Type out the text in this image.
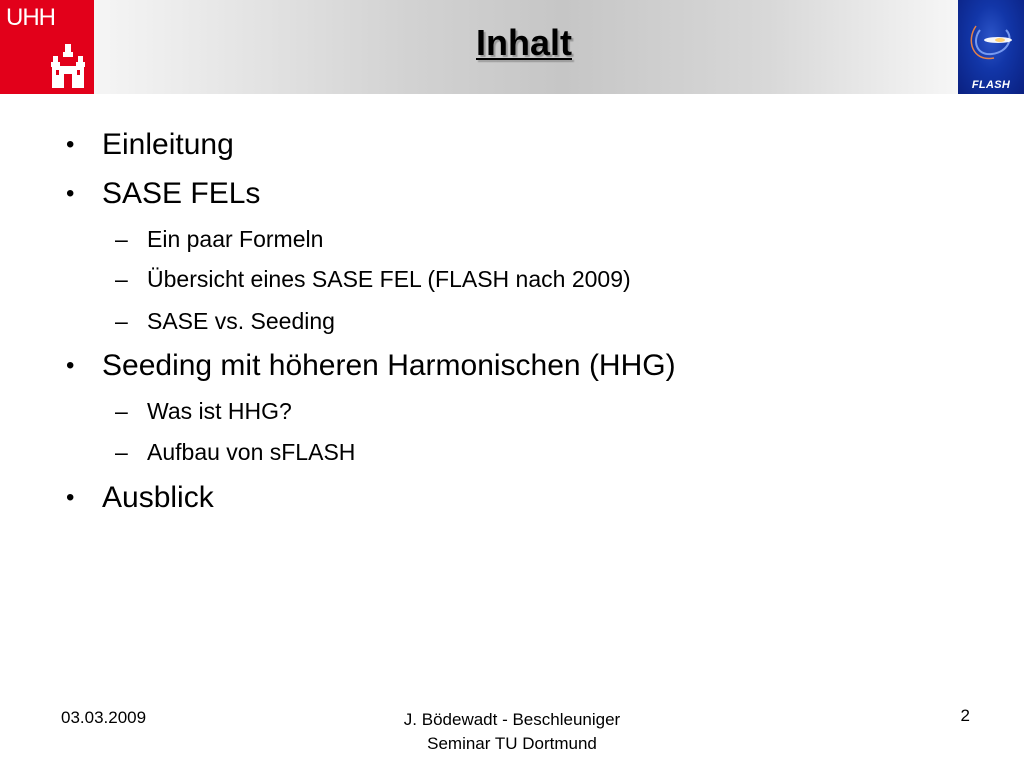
UHH
FLASH
Inhalt
• Einleitung
• SASE FELs
– Ein paar Formeln
– Übersicht eines SASE FEL (FLASH nach 2009)
– SASE vs. Seeding
• Seeding mit höheren Harmonischen (HHG)
– Was ist HHG?
– Aufbau von sFLASH
• Ausblick
03.03.2009	J. Bödewadt - Beschleuniger
Seminar TU Dortmund
2
